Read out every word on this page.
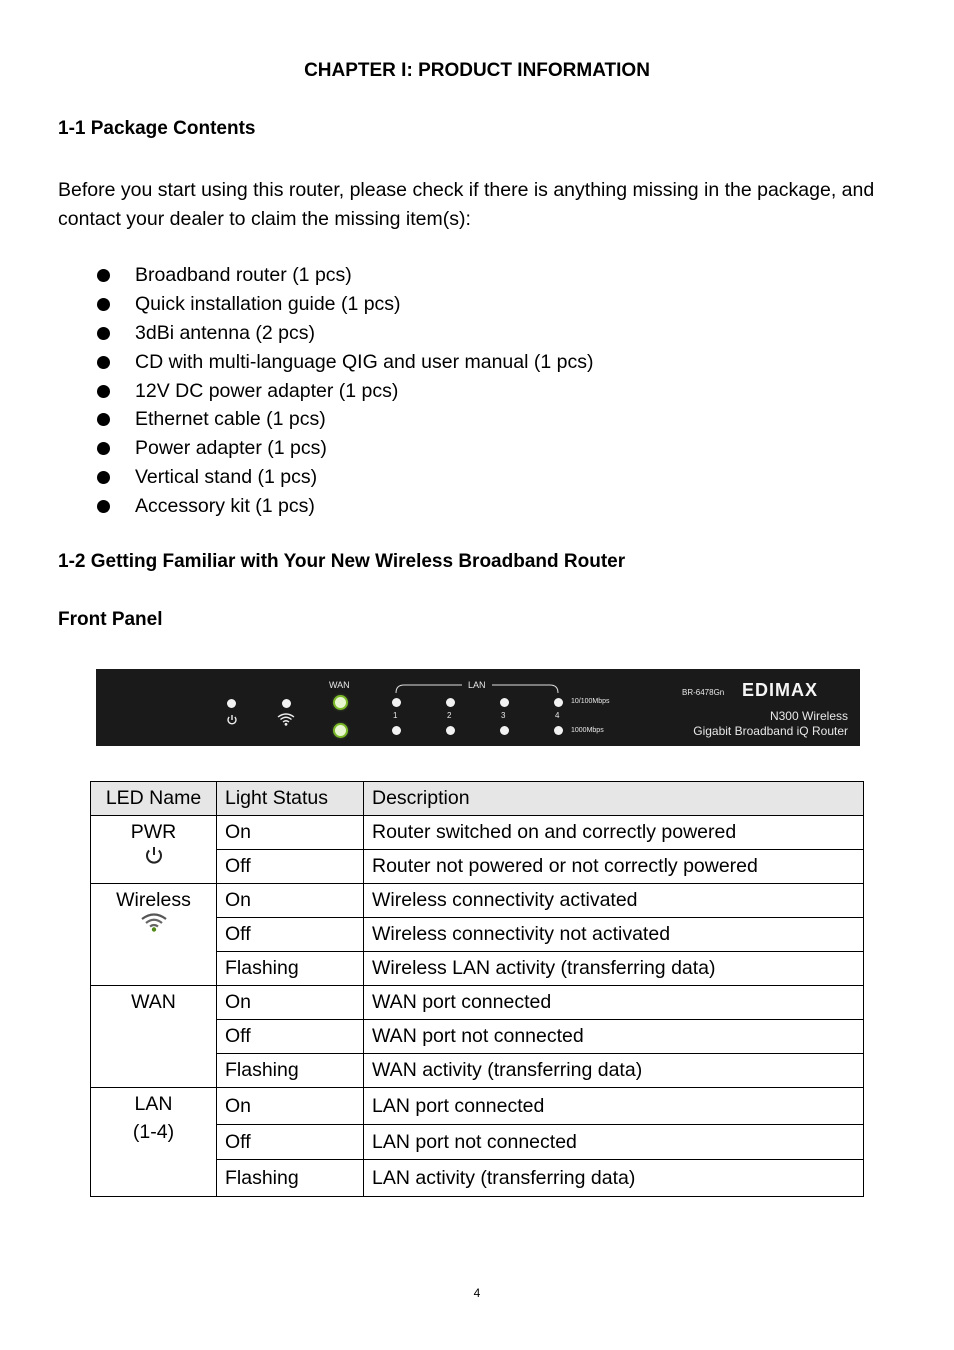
CHAPTER I: PRODUCT INFORMATION
1-1 Package Contents
Before you start using this router, please check if there is anything missing in the package, and contact your dealer to claim the missing item(s):
Broadband router (1 pcs)
Quick installation guide (1 pcs)
3dBi antenna (2 pcs)
CD with multi-language QIG and user manual (1 pcs)
12V DC power adapter (1 pcs)
Ethernet cable (1 pcs)
Power adapter (1 pcs)
Vertical stand (1 pcs)
Accessory kit (1 pcs)
1-2 Getting Familiar with Your New Wireless Broadband Router
Front Panel
WAN	LAN
1	2	3	4
10/100Mbps
1000Mbps
BR-6478Gn EDIMAX
N300 Wireless
Gigabit Broadband iQ Router
LED Name	Light Status	Description

PWR	On	Router switched on and correctly powered
	Off	Router not powered or not correctly powered

Wireless	On	Wireless connectivity activated
	Off	Wireless connectivity not activated
	Flashing	Wireless LAN activity (transferring data)

WAN	On	WAN port connected
	Off	WAN port not connected
	Flashing	WAN activity (transferring data)

LAN
(1-4)	On	LAN port connected
	Off	LAN port not connected
	Flashing	LAN activity (transferring data)
4
